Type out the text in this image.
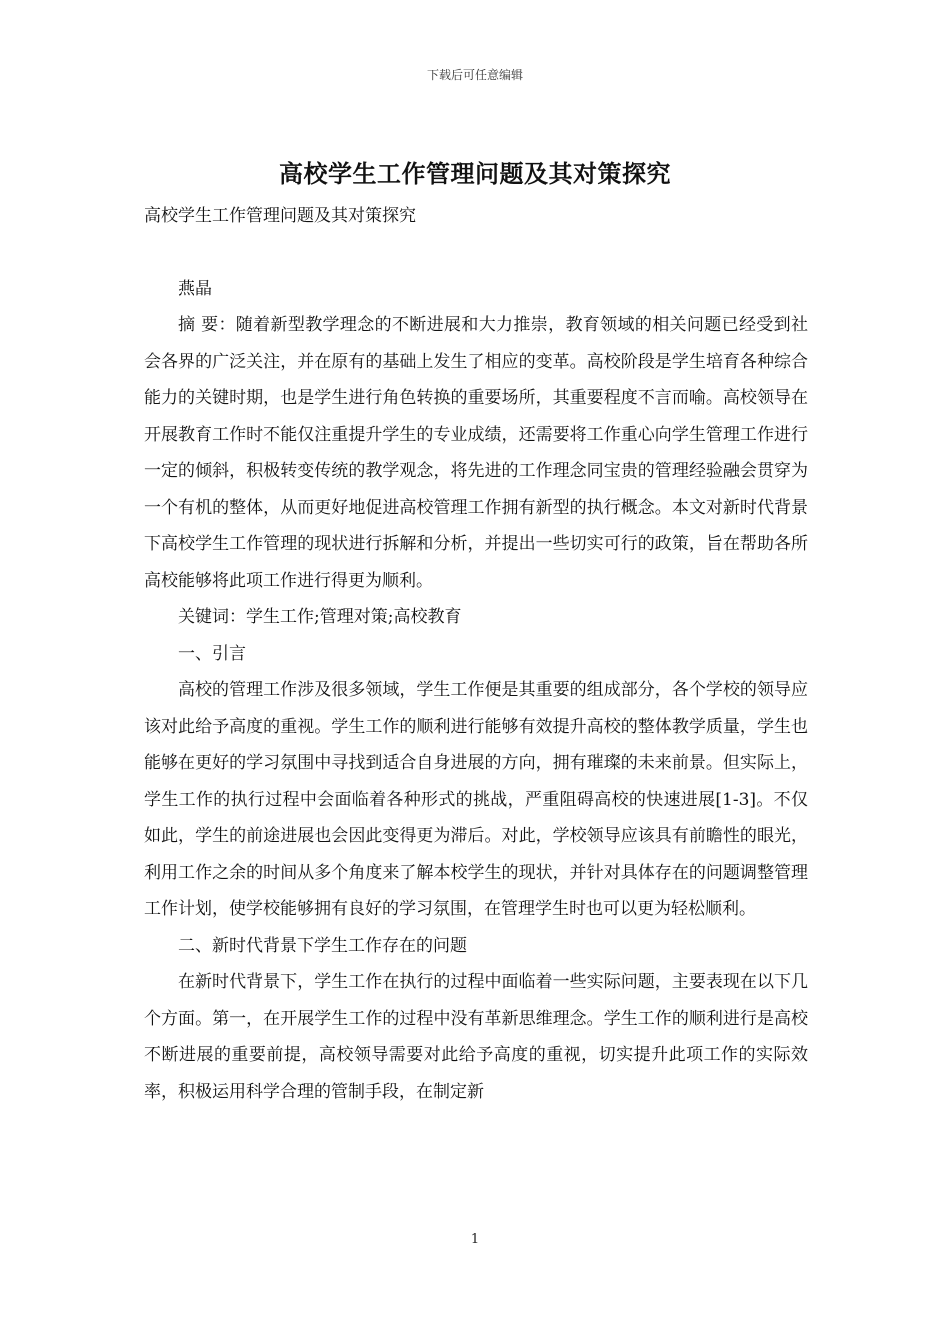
下载后可任意编辑
高校学生工作管理问题及其对策探究

高校学生工作管理问题及其对策探究

燕晶

摘 要：随着新型教学理念的不断进展和大力推崇，教育领域的相关问题已经受到社会各界的广泛关注，并在原有的基础上发生了相应的变革。高校阶段是学生培育各种综合能力的关键时期，也是学生进行角色转换的重要场所，其重要程度不言而喻。高校领导在开展教育工作时不能仅注重提升学生的专业成绩，还需要将工作重心向学生管理工作进行一定的倾斜，积极转变传统的教学观念，将先进的工作理念同宝贵的管理经验融会贯穿为一个有机的整体，从而更好地促进高校管理工作拥有新型的执行概念。本文对新时代背景下高校学生工作管理的现状进行拆解和分析，并提出一些切实可行的政策，旨在帮助各所高校能够将此项工作进行得更为顺利。

关键词：学生工作;管理对策;高校教育

一、引言

高校的管理工作涉及很多领域，学生工作便是其重要的组成部分，各个学校的领导应该对此给予高度的重视。学生工作的顺利进行能够有效提升高校的整体教学质量，学生也能够在更好的学习氛围中寻找到适合自身进展的方向，拥有璀璨的未来前景。但实际上，学生工作的执行过程中会面临着各种形式的挑战，严重阻碍高校的快速进展[1-3]。不仅如此，学生的前途进展也会因此变得更为滞后。对此，学校领导应该具有前瞻性的眼光，利用工作之余的时间从多个角度来了解本校学生的现状，并针对具体存在的问题调整管理工作计划，使学校能够拥有良好的学习氛围，在管理学生时也可以更为轻松顺利。

二、新时代背景下学生工作存在的问题

在新时代背景下，学生工作在执行的过程中面临着一些实际问题，主要表现在以下几个方面。第一，在开展学生工作的过程中没有革新思维理念。学生工作的顺利进行是高校不断进展的重要前提，高校领导需要对此给予高度的重视，切实提升此项工作的实际效率，积极运用科学合理的管制手段，在制定新

1
